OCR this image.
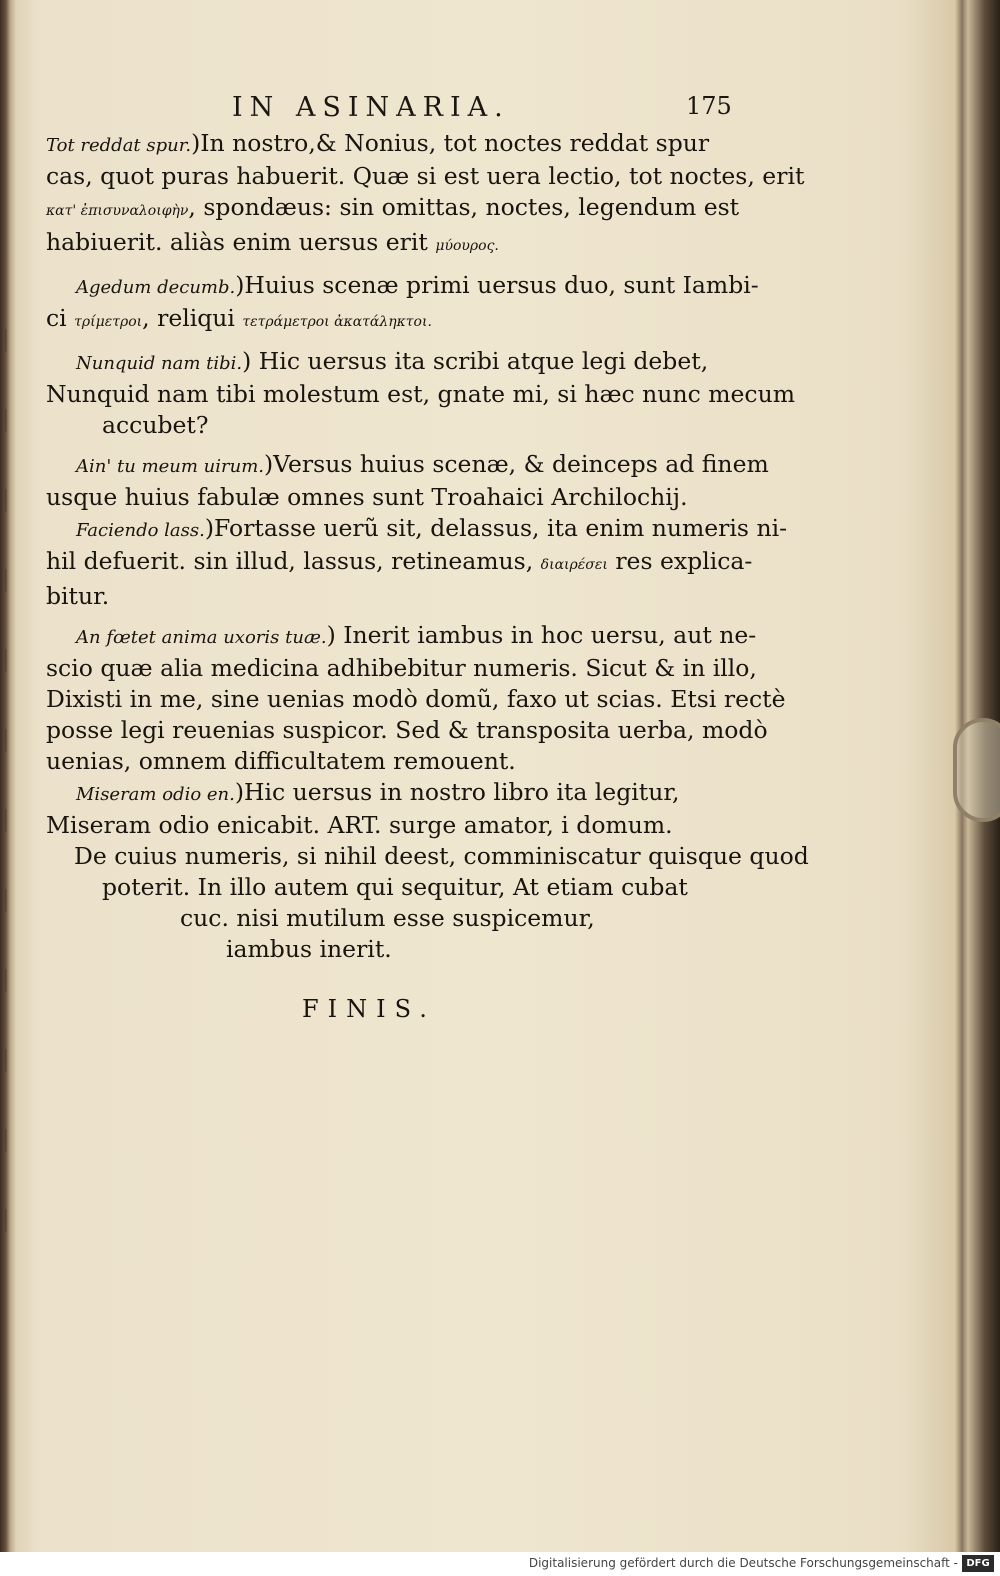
|
|
|
|
|
|
|
|
|
|
|
|
IN ASINARIA.	175
Tot reddat spur.)In nostro,& Nonius, tot noctes reddat spur
cas, quot puras habuerit. Quæ si est uera lectio, tot noctes, erit
κατ' ἐπισυναλοιφὴν, spondæus: sin omittas, noctes, legendum est
habiuerit. aliàs enim uersus erit μύουρος.
Agedum decumb.)Huius scenæ primi uersus duo, sunt Iambi-
ci τρίμετροι, reliqui τετράμετροι ἀκατάληκτοι.
Nunquid nam tibi.) Hic uersus ita scribi atque legi debet,
Nunquid nam tibi molestum est, gnate mi, si hæc nunc mecum
accubet?
Ain' tu meum uirum.)Versus huius scenæ, & deinceps ad finem
usque huius fabulæ omnes sunt Troahaici Archilochij.
Faciendo lass.)Fortasse uerũ sit, delassus, ita enim numeris ni-
hil defuerit. sin illud, lassus, retineamus, διαιρέσει res explica-
bitur.
An fœtet anima uxoris tuæ.) Inerit iambus in hoc uersu, aut ne-
scio quæ alia medicina adhibebitur numeris. Sicut & in illo,
Dixisti in me, sine uenias modò domũ, faxo ut scias. Etsi rectè
posse legi reuenias suspicor. Sed & transposita uerba, modò
uenias, omnem difficultatem remouent.
Miseram odio en.)Hic uersus in nostro libro ita legitur,
Miseram odio enicabit. ART. surge amator, i domum.
De cuius numeris, si nihil deest, comminiscatur quisque quod
poterit. In illo autem qui sequitur, At etiam cubat
cuc. nisi mutilum esse suspicemur,
iambus inerit.
FINIS.
Digitalisierung gefördert durch die Deutsche Forschungsgemeinschaft - DFG
